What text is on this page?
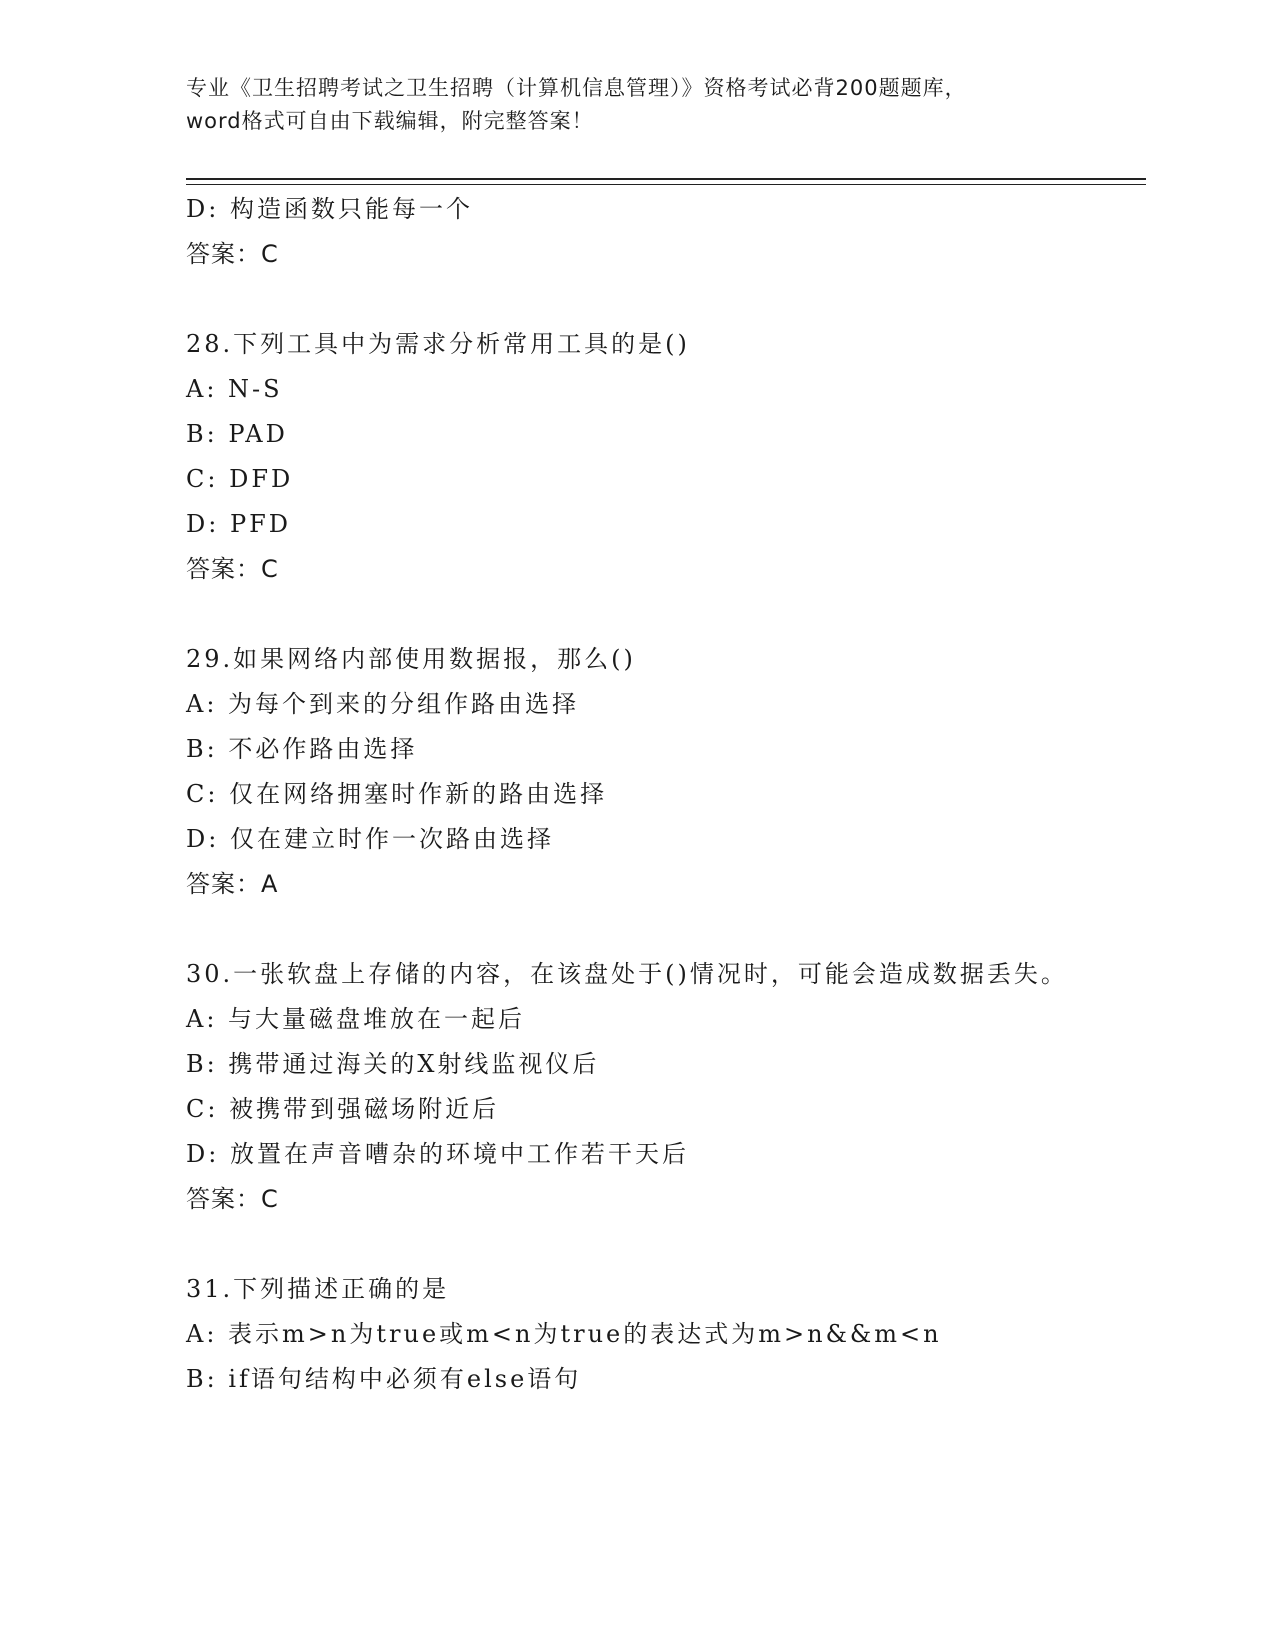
专业《卫生招聘考试之卫生招聘（计算机信息管理）》资格考试必背200题题库，
word格式可自由下载编辑，附完整答案！
D: 构造函数只能每一个
答案：C
28.下列工具中为需求分析常用工具的是()
A: N-S
B: PAD
C: DFD
D: PFD
答案：C
29.如果网络内部使用数据报，那么()
A: 为每个到来的分组作路由选择
B: 不必作路由选择
C: 仅在网络拥塞时作新的路由选择
D: 仅在建立时作一次路由选择
答案：A
30.一张软盘上存储的内容，在该盘处于()情况时，可能会造成数据丢失。
A: 与大量磁盘堆放在一起后
B: 携带通过海关的X射线监视仪后
C: 被携带到强磁场附近后
D: 放置在声音嘈杂的环境中工作若干天后
答案：C
31.下列描述正确的是
A: 表示m>n为true或m<n为true的表达式为m>n&&m<n
B: if语句结构中必须有else语句
